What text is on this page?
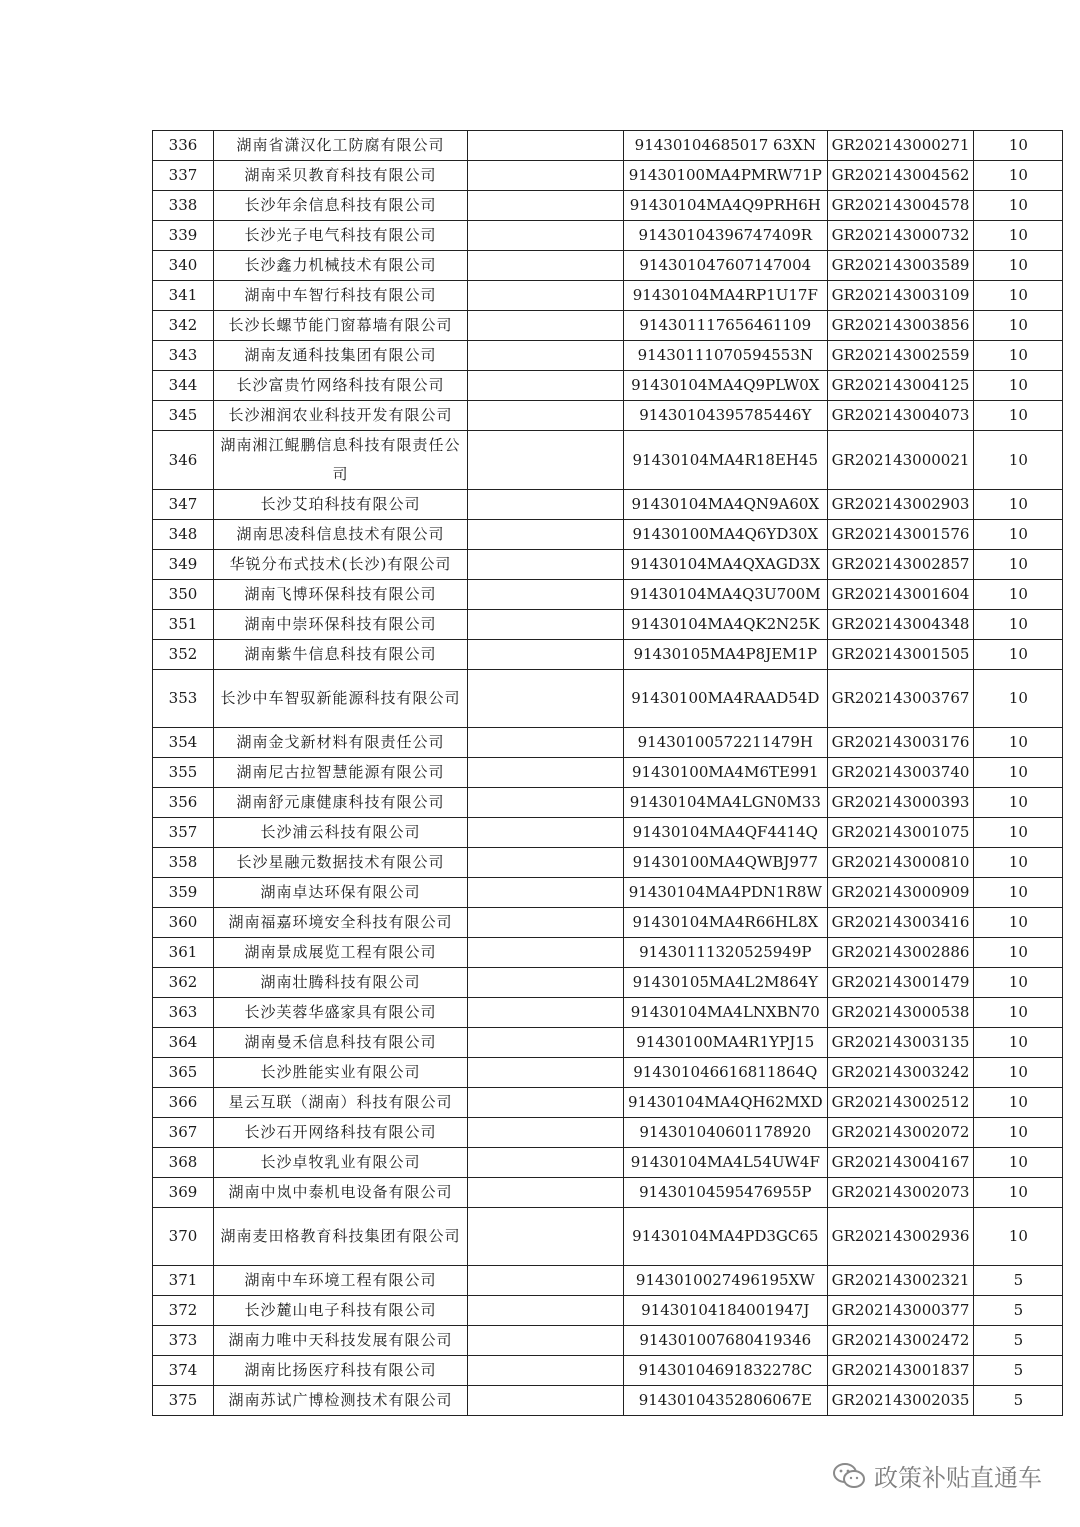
336	湖南省潇汉化工防腐有限公司		91430104685017 63XN	GR202143000271	10
337	湖南采贝教育科技有限公司		91430100MA4PMRW71P	GR202143004562	10
338	长沙年余信息科技有限公司		91430104MA4Q9PRH6H	GR202143004578	10
339	长沙光子电气科技有限公司		91430104396747409R	GR202143000732	10
340	长沙鑫力机械技术有限公司		914301047607147004	GR202143003589	10
341	湖南中车智行科技有限公司		91430104MA4RP1U17F	GR202143003109	10
342	长沙长螺节能门窗幕墙有限公司		914301117656461109	GR202143003856	10
343	湖南友通科技集团有限公司		91430111070594553N	GR202143002559	10
344	长沙富贵竹网络科技有限公司		91430104MA4Q9PLW0X	GR202143004125	10
345	长沙湘润农业科技开发有限公司		91430104395785446Y	GR202143004073	10
346	湖南湘江鲲鹏信息科技有限责任公司		91430104MA4R18EH45	GR202143000021	10
347	长沙艾珀科技有限公司		91430104MA4QN9A60X	GR202143002903	10
348	湖南思凌科信息技术有限公司		91430100MA4Q6YD30X	GR202143001576	10
349	华锐分布式技术(长沙)有限公司		91430104MA4QXAGD3X	GR202143002857	10
350	湖南飞博环保科技有限公司		91430104MA4Q3U700M	GR202143001604	10
351	湖南中崇环保科技有限公司		91430104MA4QK2N25K	GR202143004348	10
352	湖南紫牛信息科技有限公司		91430105MA4P8JEM1P	GR202143001505	10
353	长沙中车智驭新能源科技有限公司		91430100MA4RAAD54D	GR202143003767	10
354	湖南金戈新材料有限责任公司		91430100572211479H	GR202143003176	10
355	湖南尼古拉智慧能源有限公司		91430100MA4M6TE991	GR202143003740	10
356	湖南舒元康健康科技有限公司		91430104MA4LGN0M33	GR202143000393	10
357	长沙浦云科技有限公司		91430104MA4QF4414Q	GR202143001075	10
358	长沙星融元数据技术有限公司		91430100MA4QWBJ977	GR202143000810	10
359	湖南卓达环保有限公司		91430104MA4PDN1R8W	GR202143000909	10
360	湖南福嘉环境安全科技有限公司		91430104MA4R66HL8X	GR202143003416	10
361	湖南景成展览工程有限公司		91430111320525949P	GR202143002886	10
362	湖南壮腾科技有限公司		91430105MA4L2M864Y	GR202143001479	10
363	长沙芙蓉华盛家具有限公司		91430104MA4LNXBN70	GR202143000538	10
364	湖南曼禾信息科技有限公司		91430100MA4R1YPJ15	GR202143003135	10
365	长沙胜能实业有限公司		914301046616811864Q	GR202143003242	10
366	星云互联（湖南）科技有限公司		91430104MA4QH62MXD	GR202143002512	10
367	长沙石开网络科技有限公司		914301040601178920	GR202143002072	10
368	长沙卓牧乳业有限公司		91430104MA4L54UW4F	GR202143004167	10
369	湖南中岚中泰机电设备有限公司		91430104595476955P	GR202143002073	10
370	湖南麦田格教育科技集团有限公司		91430104MA4PD3GC65	GR202143002936	10
371	湖南中车环境工程有限公司		9143010027496195XW	GR202143002321	5
372	长沙麓山电子科技有限公司		91430104184001947J	GR202143000377	5
373	湖南力唯中天科技发展有限公司		914301007680419346	GR202143002472	5
374	湖南比扬医疗科技有限公司		91430104691832278C	GR202143001837	5
375	湖南苏试广博检测技术有限公司		91430104352806067E	GR202143002035	5
政策补贴直通车
